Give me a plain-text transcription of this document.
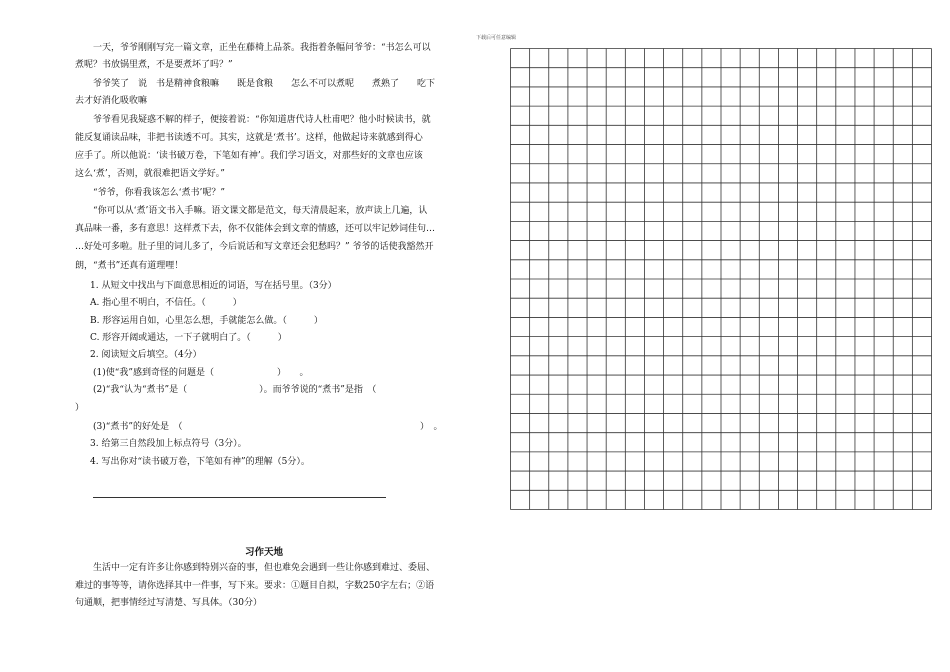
下载后可任意编辑

一天，爷爷刚刚写完一篇文章，正坐在藤椅上品茶。我指着条幅问爷爷：“书怎么可以

煮呢？书放锅里煮，不是要煮坏了吗？”

爷爷笑了　说　书是精神食粮嘛　　既是食粮　　怎么不可以煮呢　　煮熟了　　吃下

去才好消化吸收嘛

爷爷看见我疑惑不解的样子，便接着说：“你知道唐代诗人杜甫吧？他小时候读书，就

能反复诵读品味，非把书读透不可。其实，这就是‘煮书’。这样，他做起诗来就感到得心

应手了。所以他说：‘读书破万卷，下笔如有神’。我们学习语文，对那些好的文章也应该

这么‘煮’，否则，就很难把语文学好。”

“爷爷，你看我该怎么‘煮书’呢？”

“你可以从‘煮’语文书入手嘛。语文课文都是范文，每天清晨起来，放声读上几遍，认

真品味一番，多有意思！这样煮下去，你不仅能体会到文章的情感，还可以牢记妙词佳句…

…好处可多啦。肚子里的词儿多了，今后说话和写文章还会犯愁吗？” 爷爷的话使我豁然开

朗，“煮书”还真有道理哩！

1. 从短文中找出与下面意思相近的词语，写在括号里。（3分）

A. 指心里不明白，不信任。（　　　）

B. 形容运用自如，心里怎么想，手就能怎么做。（　　　）

C. 形容开阔或通达，一下子就明白了。（　　　）

2. 阅读短文后填空。（4分）

(1)使“我”感到奇怪的问题是（　　　　　　　）　　。

(2)“我“认为“煮书”是（　　　　　　　　）。而爷爷说的“煮书”是指　（

）

(3)“煮书”的好处是　（	）　。

3. 给第三自然段加上标点符号（3分）。

4. 写出你对“读书破万卷，下笔如有神”的理解（5分）。

习作天地

生活中一定有许多让你感到特别兴奋的事，但也难免会遇到一些让你感到难过、委屈、

难过的事等等，请你选择其中一件事，写下来。要求：①题目自拟，字数250字左右；②语

句通顺，把事情经过写清楚、写具体。（30分）
